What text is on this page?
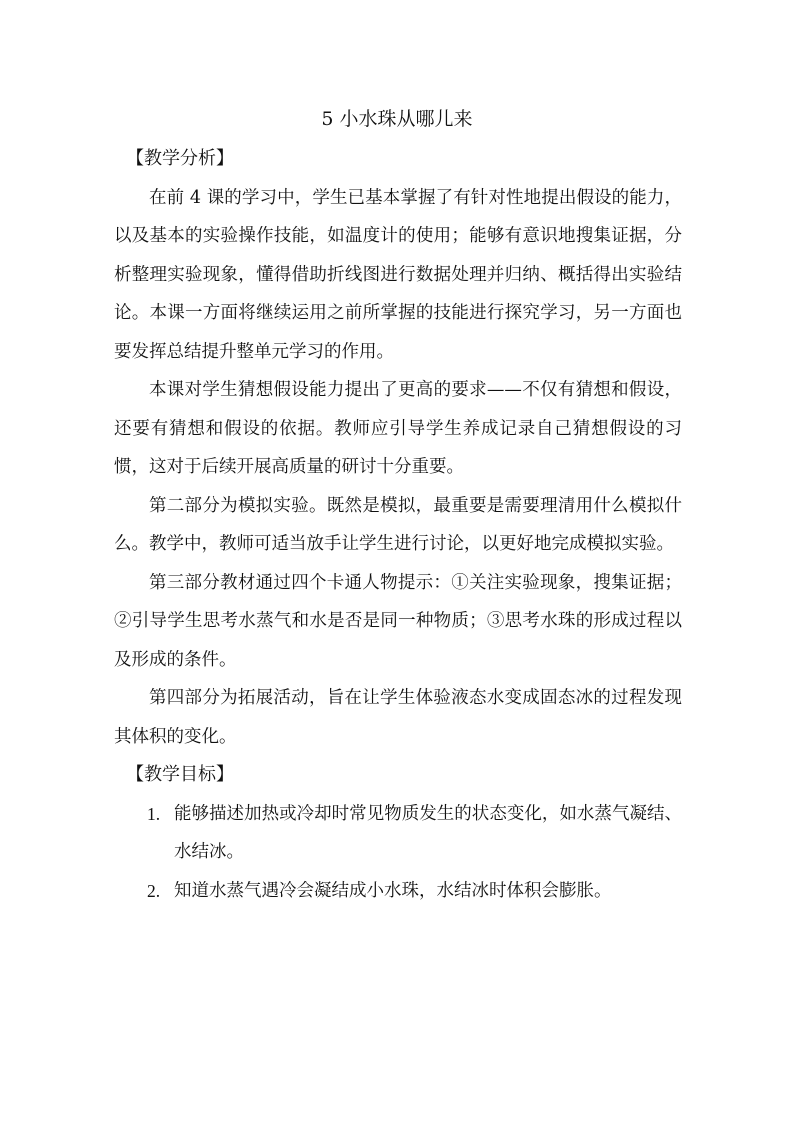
5 小水珠从哪儿来

【教学分析】

在前 4 课的学习中，学生已基本掌握了有针对性地提出假设的能力，以及基本的实验操作技能，如温度计的使用；能够有意识地搜集证据，分析整理实验现象，懂得借助折线图进行数据处理并归纳、概括得出实验结论。本课一方面将继续运用之前所掌握的技能进行探究学习，另一方面也要发挥总结提升整单元学习的作用。

本课对学生猜想假设能力提出了更高的要求——不仅有猜想和假设，还要有猜想和假设的依据。教师应引导学生养成记录自己猜想假设的习惯，这对于后续开展高质量的研讨十分重要。

第二部分为模拟实验。既然是模拟，最重要是需要理清用什么模拟什么。教学中，教师可适当放手让学生进行讨论，以更好地完成模拟实验。

第三部分教材通过四个卡通人物提示：①关注实验现象，搜集证据；②引导学生思考水蒸气和水是否是同一种物质；③思考水珠的形成过程以及形成的条件。

第四部分为拓展活动，旨在让学生体验液态水变成固态冰的过程发现其体积的变化。

【教学目标】

1. 能够描述加热或冷却时常见物质发生的状态变化，如水蒸气凝结、水结冰。
2. 知道水蒸气遇冷会凝结成小水珠，水结冰时体积会膨胀。
